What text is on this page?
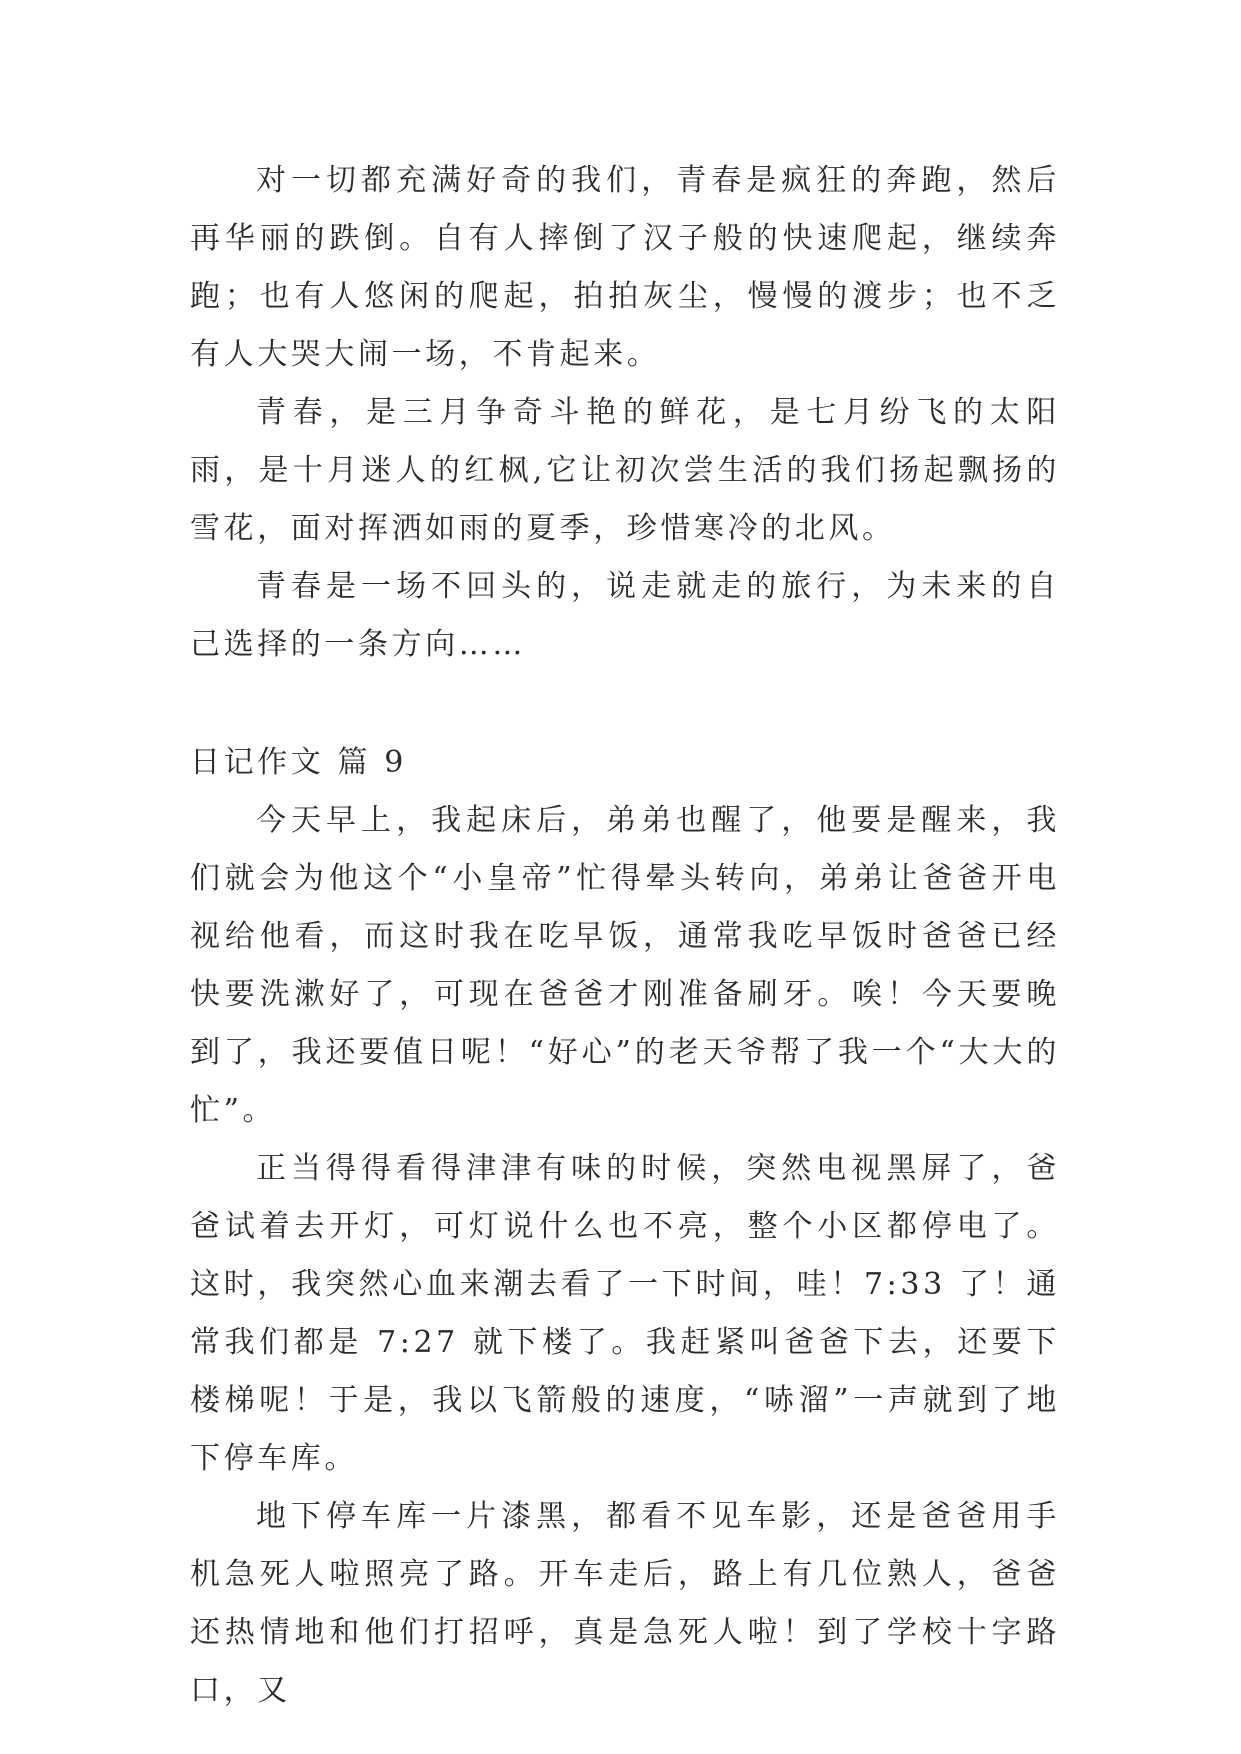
对一切都充满好奇的我们，青春是疯狂的奔跑，然后再华丽的跌倒。自有人摔倒了汉子般的快速爬起，继续奔跑；也有人悠闲的爬起，拍拍灰尘，慢慢的渡步；也不乏有人大哭大闹一场，不肯起来。

青春，是三月争奇斗艳的鲜花，是七月纷飞的太阳雨，是十月迷人的红枫,它让初次尝生活的我们扬起飘扬的雪花，面对挥洒如雨的夏季，珍惜寒冷的北风。

青春是一场不回头的，说走就走的旅行，为未来的自己选择的一条方向……

日记作文 篇 9

今天早上，我起床后，弟弟也醒了，他要是醒来，我们就会为他这个“小皇帝”忙得晕头转向，弟弟让爸爸开电视给他看，而这时我在吃早饭，通常我吃早饭时爸爸已经快要洗漱好了，可现在爸爸才刚准备刷牙。唉！今天要晚到了，我还要值日呢！“好心”的老天爷帮了我一个“大大的忙”。

正当得得看得津津有味的时候，突然电视黑屏了，爸爸试着去开灯，可灯说什么也不亮，整个小区都停电了。这时，我突然心血来潮去看了一下时间，哇！7:33 了！通常我们都是 7:27 就下楼了。我赶紧叫爸爸下去，还要下楼梯呢！于是，我以飞箭般的速度，“哧溜”一声就到了地下停车库。

地下停车库一片漆黑，都看不见车影，还是爸爸用手机急死人啦照亮了路。开车走后，路上有几位熟人，爸爸还热情地和他们打招呼，真是急死人啦！到了学校十字路口，又
